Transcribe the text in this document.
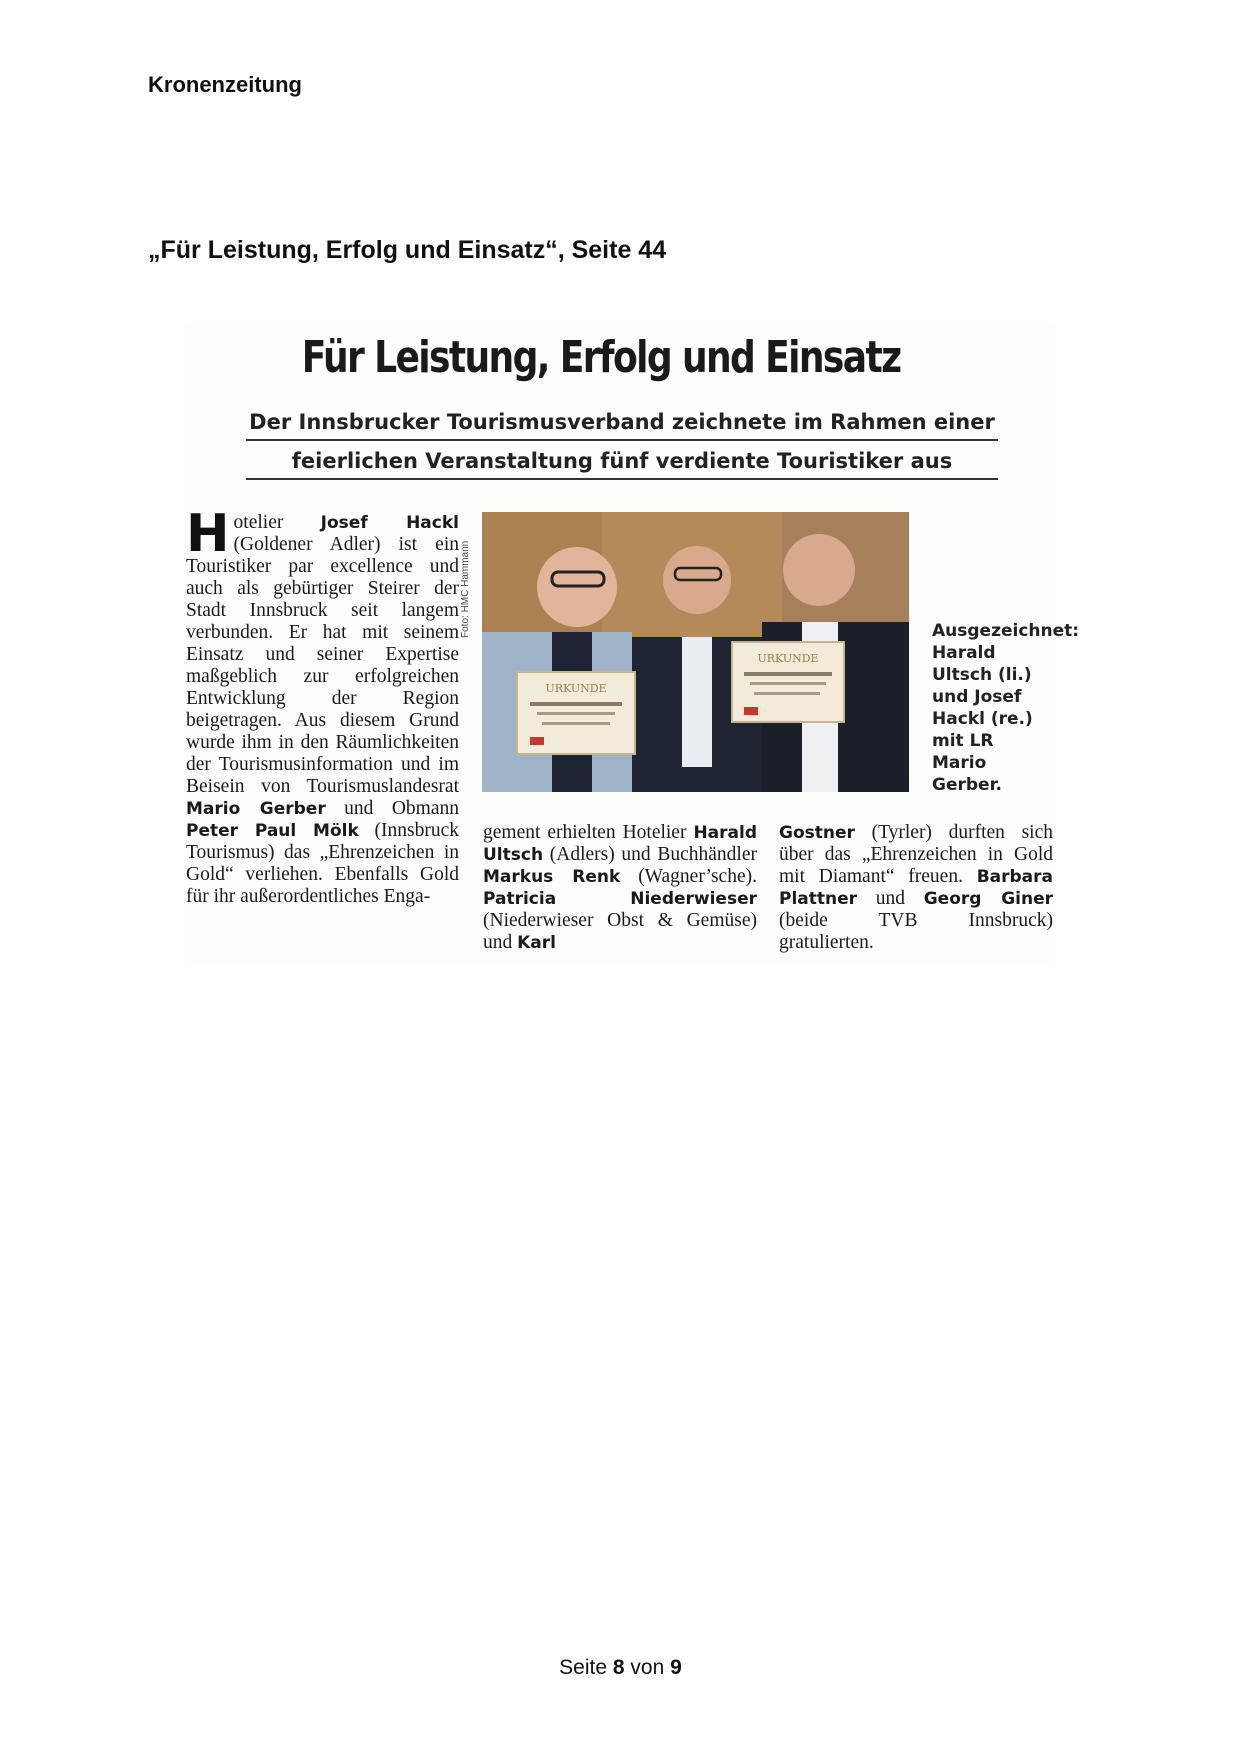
Kronenzeitung
„Für Leistung, Erfolg und Einsatz“, Seite 44
Für Leistung, Erfolg und Einsatz
Der Innsbrucker Tourismusverband zeichnete im Rahmen einer
feierlichen Veranstaltung fünf verdiente Touristiker aus
Hotelier Josef Hackl (Goldener Adler) ist ein Touristiker par excellence und auch als gebürtiger Steirer der Stadt Innsbruck seit langem verbunden. Er hat mit seinem Einsatz und seiner Expertise maßgeblich zur erfolgreichen Entwicklung der Region beigetragen. Aus diesem Grund wurde ihm in den Räumlichkeiten der Tourismusinformation und im Beisein von Tourismuslandesrat Mario Gerber und Obmann Peter Paul Mölk (Innsbruck Tourismus) das „Ehrenzeichen in Gold“ verliehen. Ebenfalls Gold für ihr außerordentliches Enga-
Foto: HMC Hammann
URKUNDE
URKUNDE
Ausgezeichnet: Harald Ultsch (li.) und Josef Hackl (re.) mit LR Mario Gerber.
gement erhielten Hotelier Harald Ultsch (Adlers) und Buchhändler Markus Renk (Wagner’sche). Patricia Niederwieser (Niederwieser Obst & Gemüse) und Karl
Gostner (Tyrler) durften sich über das „Ehrenzeichen in Gold mit Diamant“ freuen. Barbara Plattner und Georg Giner (beide TVB Innsbruck) gratulierten.
Seite 8 von 9
